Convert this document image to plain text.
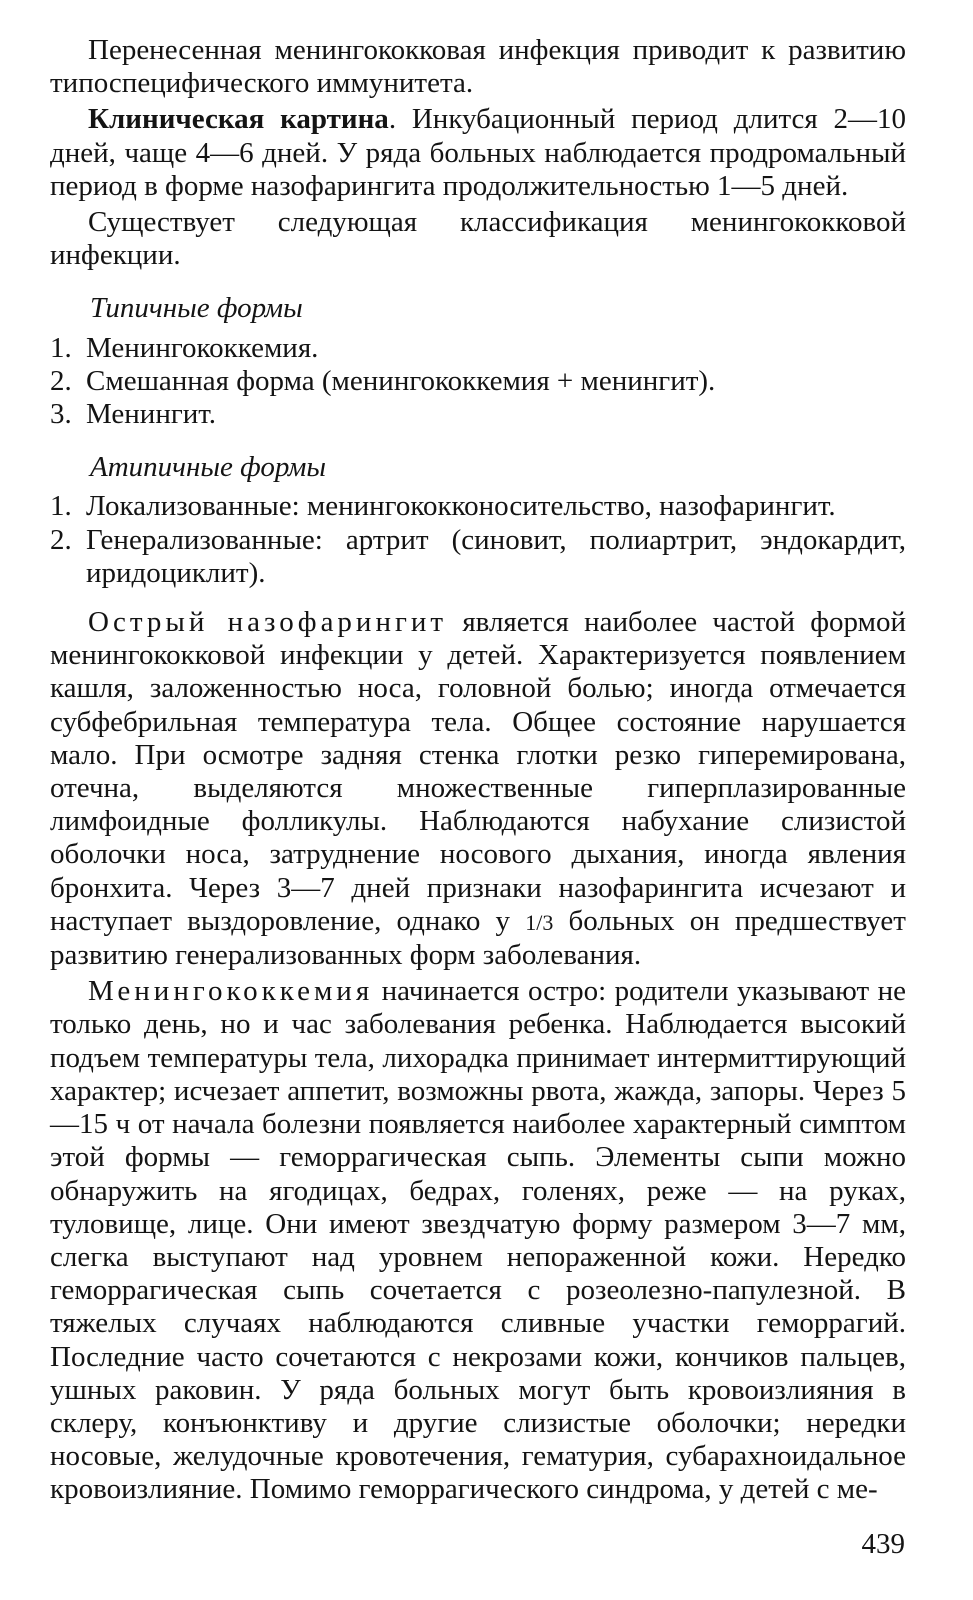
Перенесенная менингококковая инфекция приводит к развитию типоспецифического иммунитета.

Клиническая картина. Инкубационный период длится 2—10 дней, чаще 4—6 дней. У ряда больных наблюдается продромальный период в форме назофарингита продолжительностью 1—5 дней.

Существует следующая классификация менингококковой инфекции.

Типичные формы
1. Менингококкемия.
2. Смешанная форма (менингококкемия + менингит).
3. Менингит.
Атипичные формы
1. Локализованные: менингококконосительство, назофарингит.
2. Генерализованные: артрит (синовит, полиартрит, эндокардит, иридоциклит).

Острый назофарингит является наиболее частой формой менингококковой инфекции у детей. Характеризуется появлением кашля, заложенностью носа, головной болью; иногда отмечается субфебрильная температура тела. Общее состояние нарушается мало. При осмотре задняя стенка глотки резко гиперемирована, отечна, выделяются множественные гиперплазированные лимфоидные фолликулы. Наблюдаются набухание слизистой оболочки носа, затруднение носового дыхания, иногда явления бронхита. Через 3—7 дней признаки назофарингита исчезают и наступает выздоровление, однако у 1/3 больных он предшествует развитию генерализованных форм заболевания.

Менингококкемия начинается остро: родители указывают не только день, но и час заболевания ребенка. Наблюдается высокий подъем температуры тела, лихорадка принимает интермиттирующий характер; исчезает аппетит, возможны рвота, жажда, запоры. Через 5—15 ч от начала болезни появляется наиболее характерный симптом этой формы — геморрагическая сыпь. Элементы сыпи можно обнаружить на ягодицах, бедрах, голенях, реже — на руках, туловище, лице. Они имеют звездчатую форму размером 3—7 мм, слегка выступают над уровнем непораженной кожи. Нередко геморрагическая сыпь сочетается с розеолезно-папулезной. В тяжелых случаях наблюдаются сливные участки геморрагий. Последние часто сочетаются с некрозами кожи, кончиков пальцев, ушных раковин. У ряда больных могут быть кровоизлияния в склеру, конъюнктиву и другие слизистые оболочки; нередки носовые, желудочные кровотечения, гематурия, субарахноидальное кровоизлияние. Помимо геморрагического синдрома, у детей с ме-

439
